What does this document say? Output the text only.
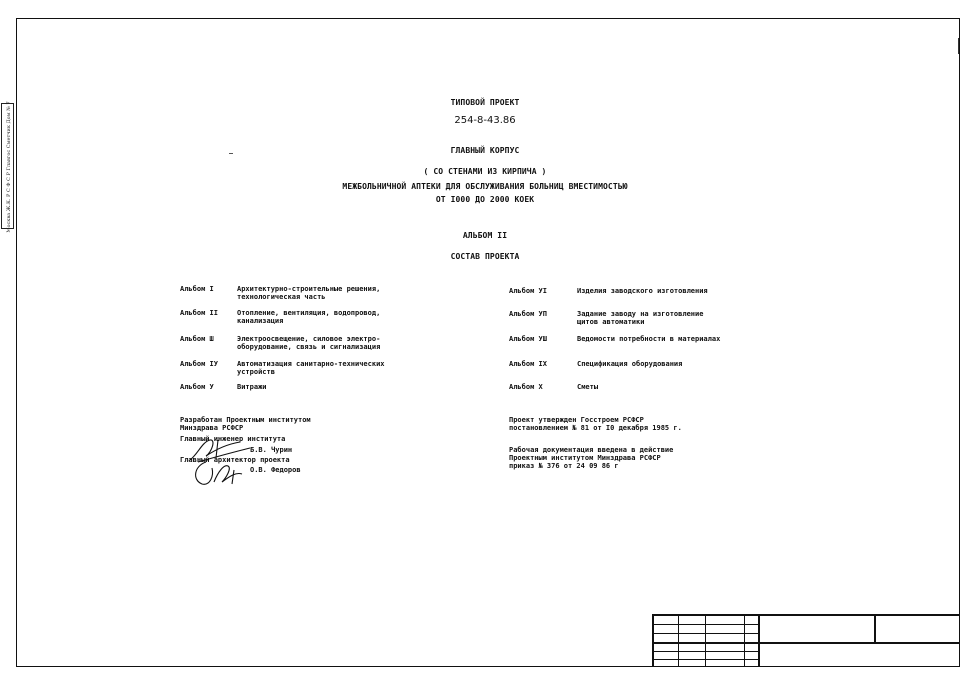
Москва Ж.К. Р С Ф С Р Главгос Сметчик Дом № 7	ТИПОВОЙ ПРОЕКТ
254-8-43.86
ГЛАВНЫЙ КОРПУС
( СО СТЕНАМИ ИЗ КИРПИЧА )
МЕЖБОЛЬНИЧНОЙ АПТЕКИ ДЛЯ ОБСЛУЖИВАНИЯ БОЛЬНИЦ ВМЕСТИМОСТЬЮ
ОТ I000 ДО 2000 КОЕК
АЛЬБОМ II
СОСТАВ ПРОЕКТА
Альбом I	Архитектурно-строительные решения,
технологическая часть
Альбом II	Отопление, вентиляция, водопровод,
канализация
Альбом Ш	Электроосвещение, силовое электро-
оборудование, связь и сигнализация
Альбом IУ	Автоматизация санитарно-технических
устройств
Альбом У	Витражи
Альбом УI	Изделия заводского изготовления
Альбом УП	Задание заводу на изготовление
щитов автоматики
Альбом УШ	Ведомости потребности в материалах
Альбом IХ	Спецификация оборудования
Альбом Х	Сметы
Разработан Проектным институтом
Минздрава РСФСР
Главный инженер института
Б.В. Чурин
Главный архитектор проекта
О.В. Федоров
Проект утвержден Госстроем РСФСР
постановлением № 81 от I0 декабря 1985 г.
Рабочая документация введена в действие
Проектным институтом Минздрава РСФСР
приказ № 376 от 24 09 86 г
